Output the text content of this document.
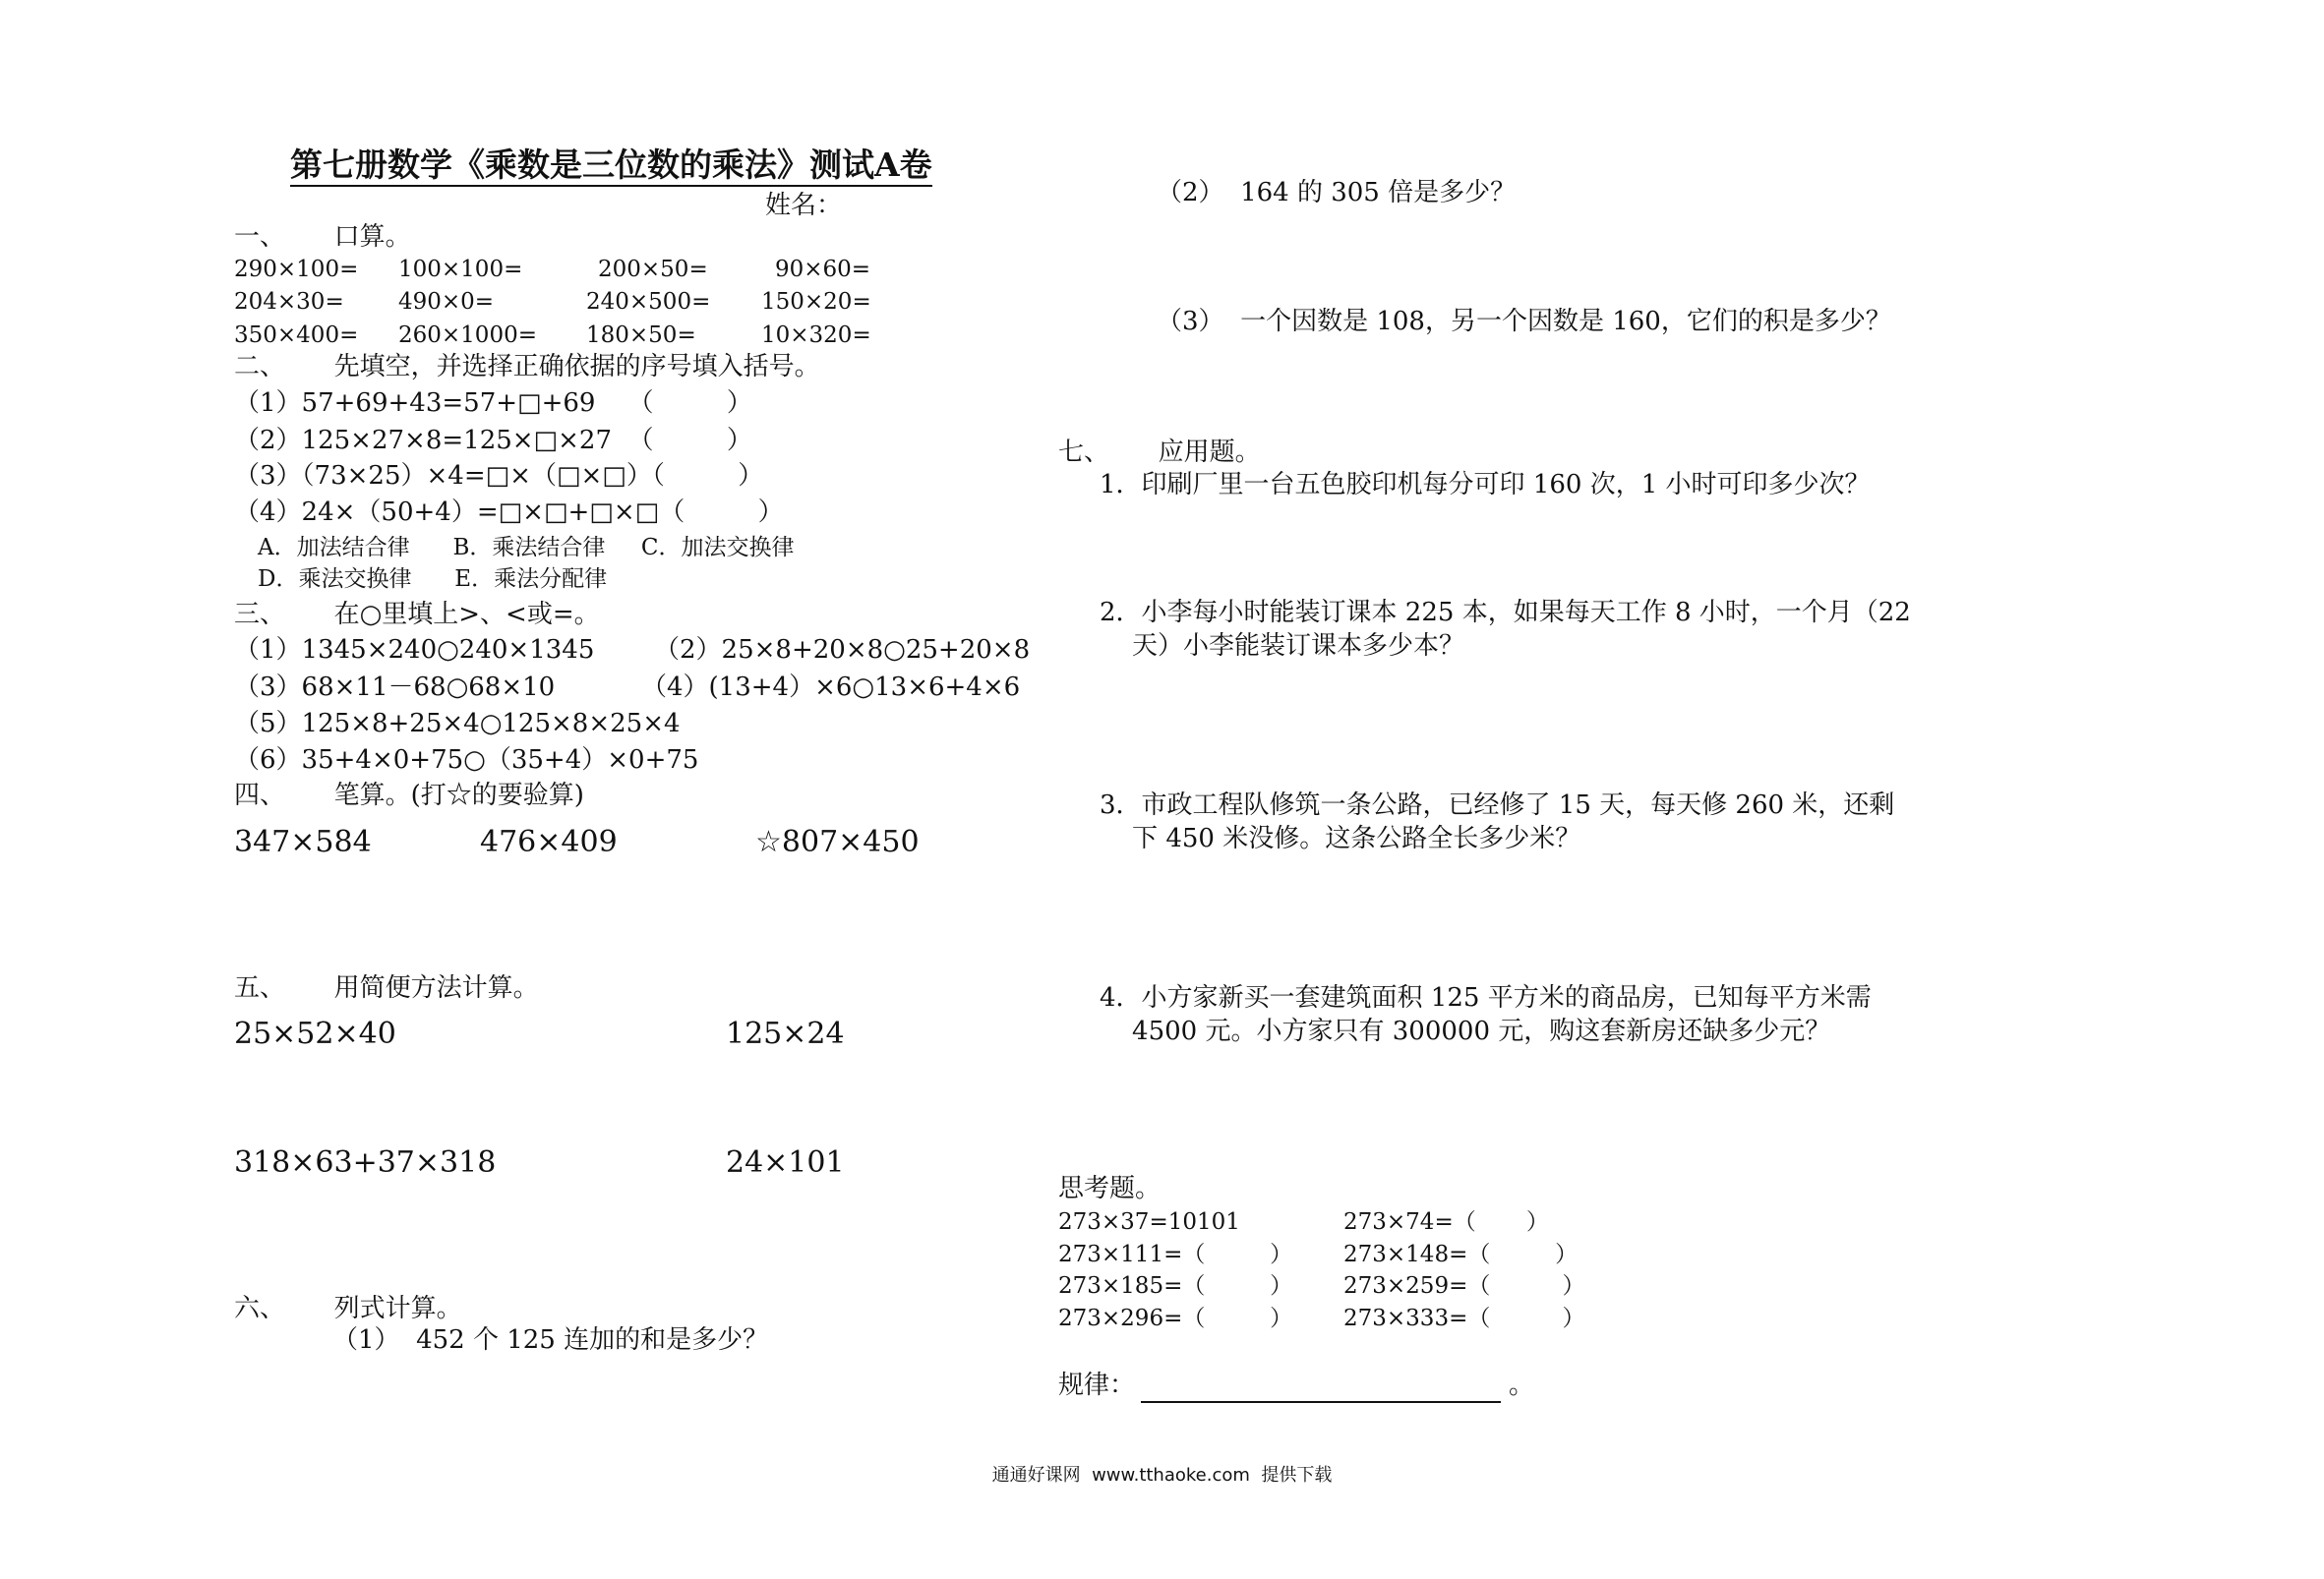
第七册数学《乘数是三位数的乘法》测试A卷
姓名：
一、      口算。
290×100= 100×100=	200×50=	90×60=
204×30= 490×0=	240×500= 150×20=
350×400= 260×1000= 180×50=	10×320=
二、      先填空，并选择正确依据的序号填入括号。
（1）57+69+43=57+□+69    （         ）
（2）125×27×8=125×□×27  （         ）
（3）（73×25）×4=□×（□×□）（         ）
（4）24×（50+4）=□×□+□×□（         ）
A．加法结合律      B．乘法结合律     C．加法交换律
D．乘法交换律      E．乘法分配律
三、      在○里填上>、<或=。
（1）1345×240○240×1345 （2）25×8+20×8○25+20×8
（3）68×11－68○68×10	（4）(13+4）×6○13×6+4×6
（5）125×8+25×4○125×8×25×4
（6）35+4×0+75○（35+4）×0+75
四、      笔算。(打☆的要验算)
347×584	476×409	☆807×450
五、      用简便方法计算。
25×52×40	125×24
318×63+37×318	24×101
六、      列式计算。
（1）  452 个 125 连加的和是多少？
（2）  164 的 305 倍是多少？
（3）  一个因数是 108，另一个因数是 160，它们的积是多少？
七、      应用题。
1．印刷厂里一台五色胶印机每分可印 160 次，1 小时可印多少次？
2．小李每小时能装订课本 225 本，如果每天工作 8 小时，一个月（22
天）小李能装订课本多少本？
3．市政工程队修筑一条公路，已经修了 15 天，每天修 260 米，还剩
下 450 米没修。这条公路全长多少米？
4．小方家新买一套建筑面积 125 平方米的商品房，已知每平方米需
4500 元。小方家只有 300000 元，购这套新房还缺多少元？
思考题。
273×37=10101	273×74=（       ）
273×111=（         ） 273×148=（         ）
273×185=（         ） 273×259=（          ）
273×296=（         ） 273×333=（          ）
规律：	。
通通好课网  www.tthaoke.com  提供下载
